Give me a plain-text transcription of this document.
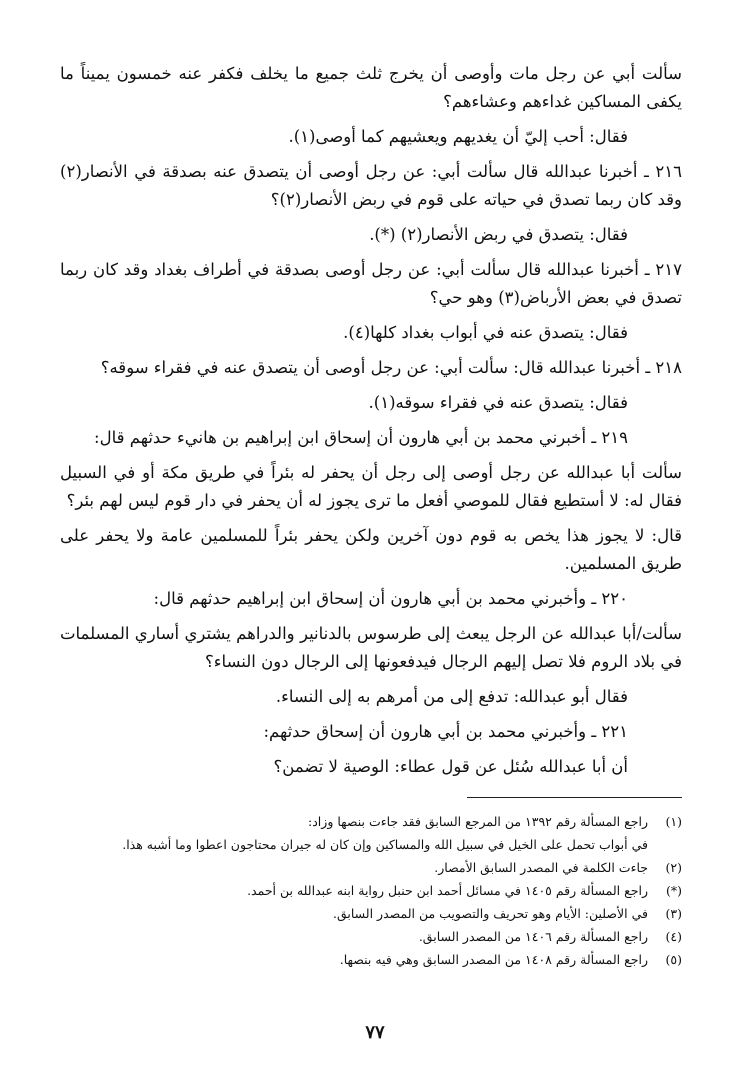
سألت أبي عن رجل مات وأوصى أن يخرج ثلث جميع ما يخلف فكفر عنه خمسون يميناً ما يكفى المساكين غداءهم وعشاءهم؟

فقال: أحب إليّ أن يغديهم ويعشيهم كما أوصى(١).

٢١٦ ـ أخبرنا عبدالله قال سألت أبي: عن رجل أوصى أن يتصدق عنه بصدقة في الأنصار(٢) وقد كان ربما تصدق في حياته على قوم في ربض الأنصار(٢)؟

فقال: يتصدق في ربض الأنصار(٢) (*).

٢١٧ ـ أخبرنا عبدالله قال سألت أبي: عن رجل أوصى بصدقة في أطراف بغداد وقد كان ربما تصدق في بعض الأرباض(٣) وهو حي؟

فقال: يتصدق عنه في أبواب بغداد كلها(٤).

٢١٨ ـ أخبرنا عبدالله قال: سألت أبي: عن رجل أوصى أن يتصدق عنه في فقراء سوقه؟

فقال: يتصدق عنه في فقراء سوقه(١).

٢١٩ ـ أخبرني محمد بن أبي هارون أن إسحاق ابن إبراهيم بن هانيء حدثهم قال:

سألت أبا عبدالله عن رجل أوصى إلى رجل أن يحفر له بئراً في طريق مكة أو في السبيل فقال له: لا أستطيع فقال للموصي أفعل ما ترى يجوز له أن يحفر في دار قوم ليس لهم بئر؟

قال: لا يجوز هذا يخص به قوم دون آخرين ولكن يحفر بئراً للمسلمين عامة ولا يحفر على طريق المسلمين.

٢٢٠ ـ وأخبرني محمد بن أبي هارون أن إسحاق ابن إبراهيم حدثهم قال:

سألت/أبا عبدالله عن الرجل يبعث إلى طرسوس بالدنانير والدراهم يشتري أساري المسلمات في بلاد الروم فلا تصل إليهم الرجال فيدفعونها إلى الرجال دون النساء؟

فقال أبو عبدالله: تدفع إلى من أمرهم به إلى النساء.

٢٢١ ـ وأخبرني محمد بن أبي هارون أن إسحاق حدثهم:

أن أبا عبدالله سُئل عن قول عطاء: الوصية لا تضمن؟

(١)
راجع المسألة رقم ١٣٩٢ من المرجع السابق فقد جاءت بنصها وزاد:
في أبواب تحمل على الخيل في سبيل الله والمساكين وإن كان له جيران محتاجون اعطوا وما أشبه هذا.
(٢)
جاءت الكلمة في المصدر السابق الأمصار.
(*)
راجع المسألة رقم ١٤٠٥ في مسائل أحمد ابن حنبل رواية ابنه عبدالله بن أحمد.
(٣)
في الأصلين: الأيام وهو تحريف والتصويب من المصدر السابق.
(٤)
راجع المسألة رقم ١٤٠٦ من المصدر السابق.
(٥)
راجع المسألة رقم ١٤٠٨ من المصدر السابق وهي فيه بنصها.
٧٧
